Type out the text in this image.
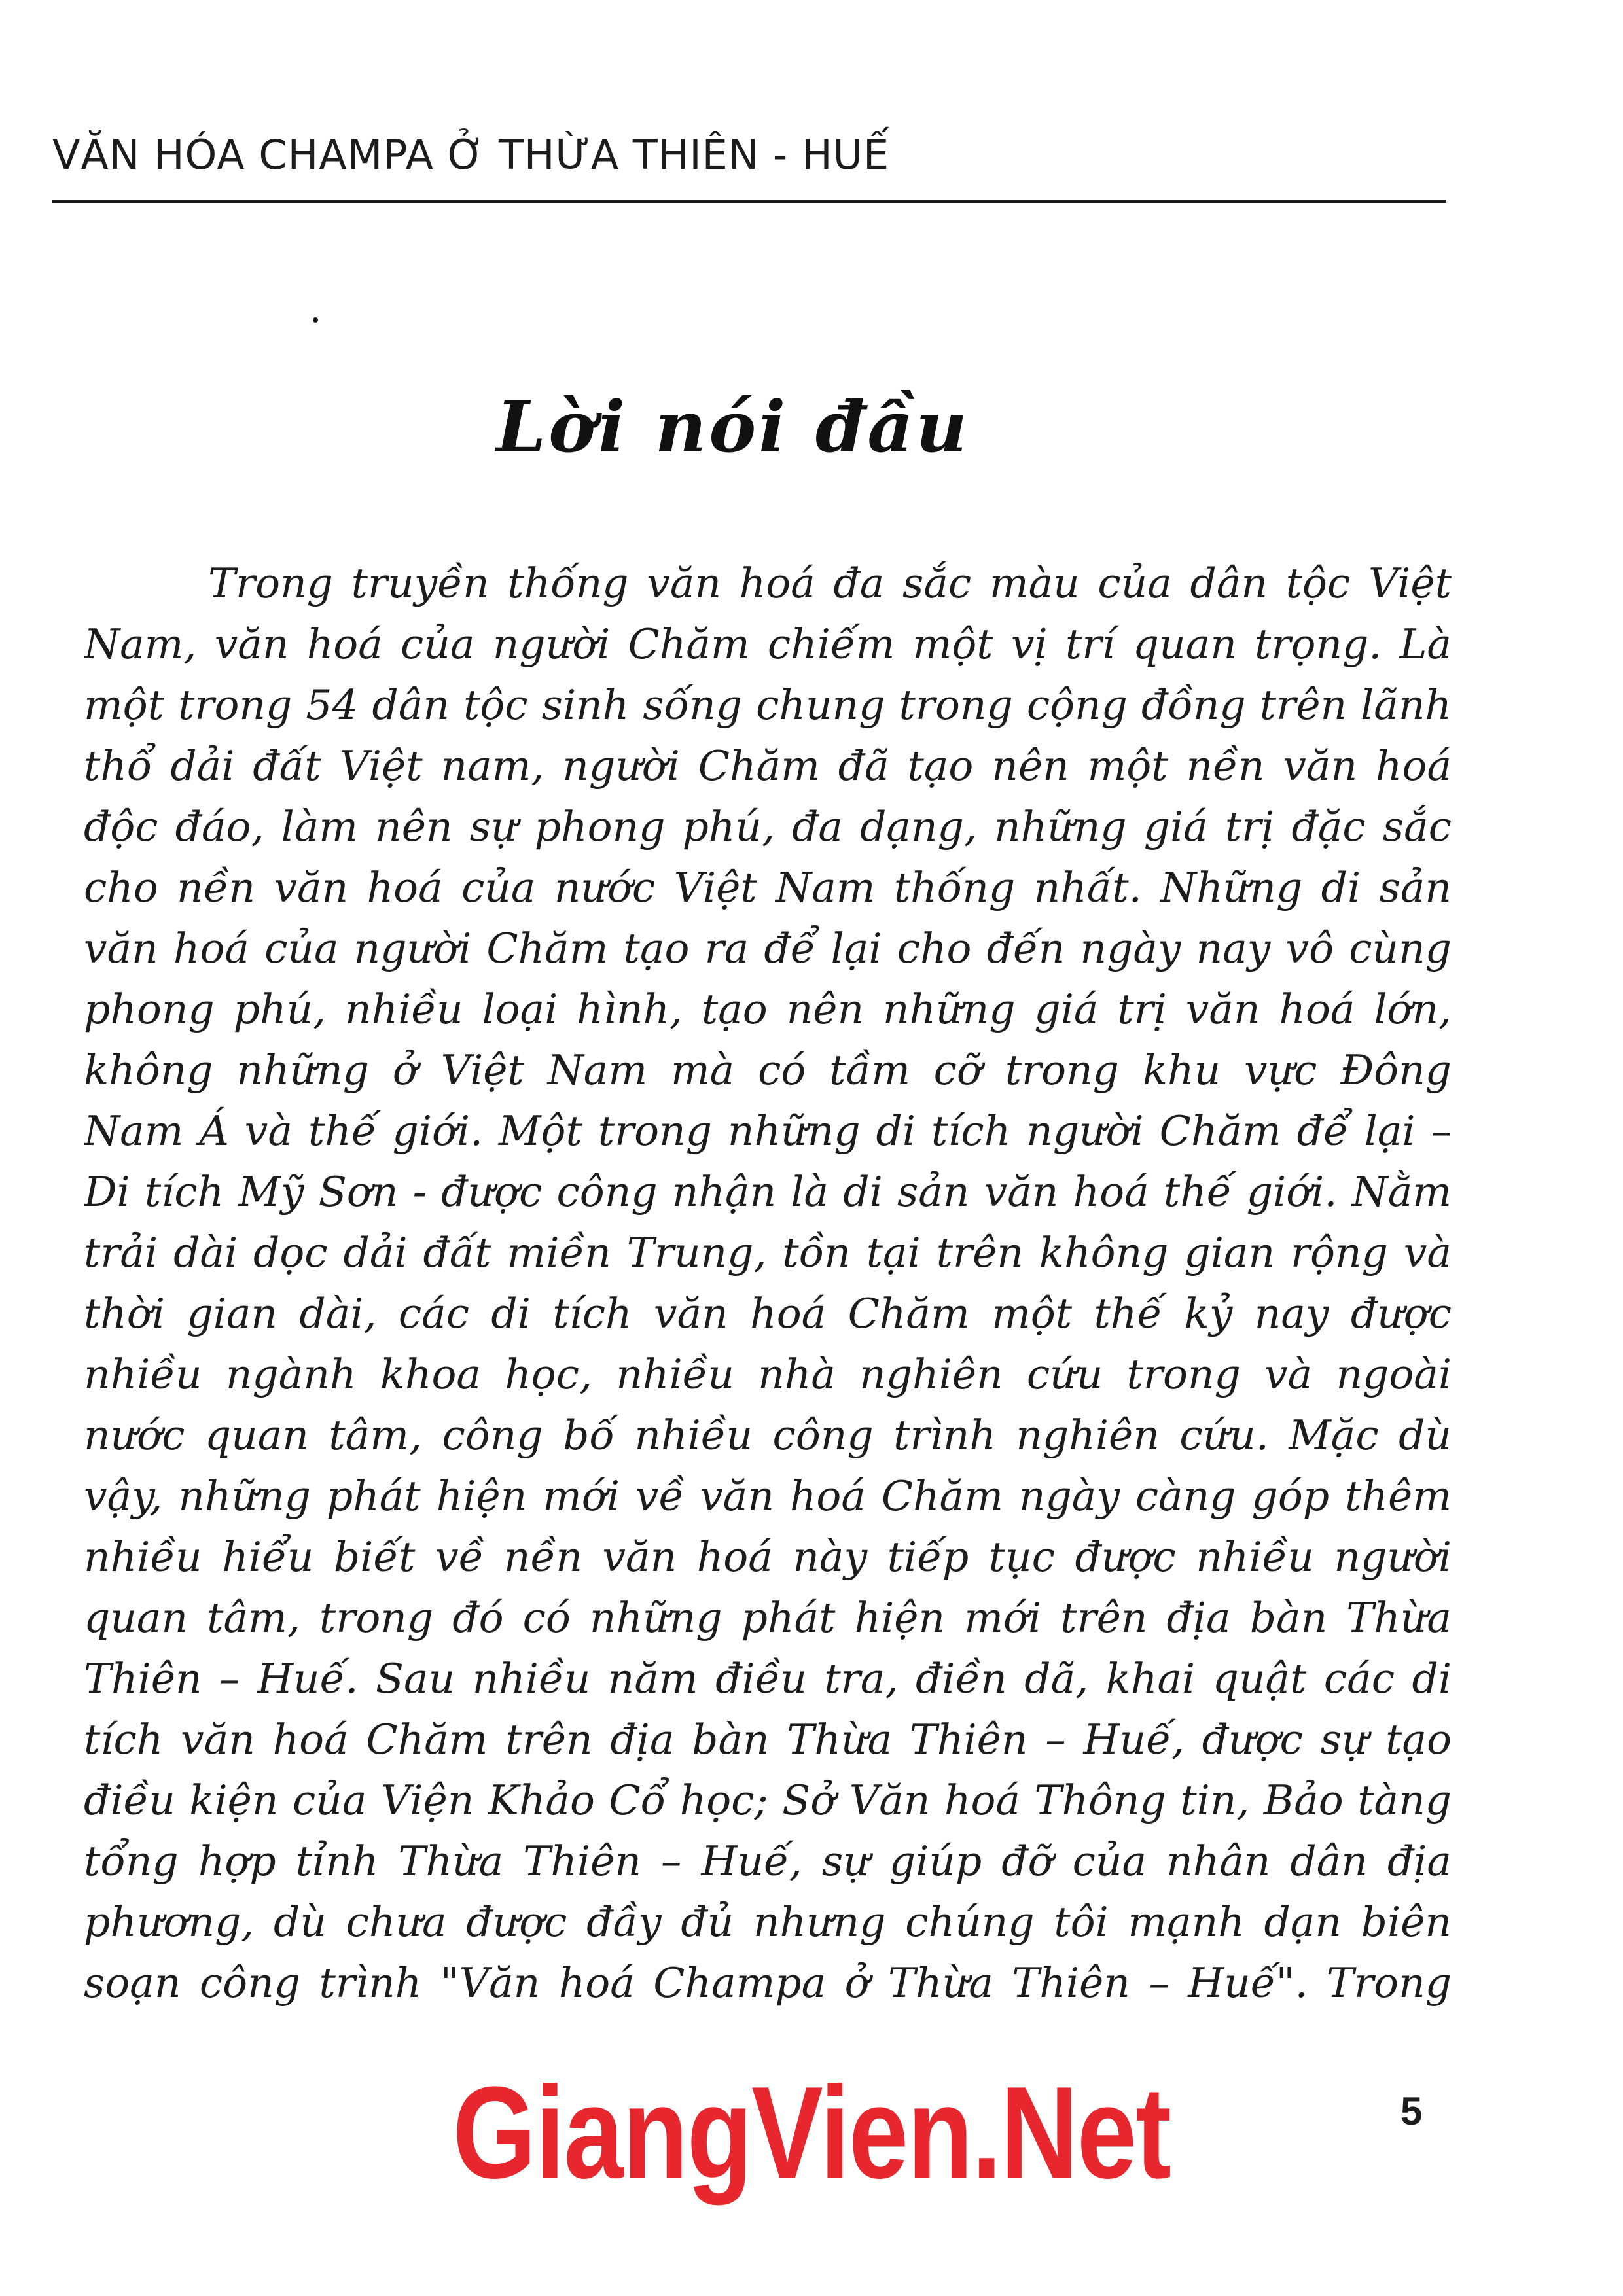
VĂN HÓA CHAMPA Ở THỪA THIÊN - HUẾ
Lời nói đầu
Trong truyền thống văn hoá đa sắc màu của dân tộc Việt
Nam, văn hoá của người Chăm chiếm một vị trí quan trọng. Là
một trong 54 dân tộc sinh sống chung trong cộng đồng trên lãnh
thổ dải đất Việt nam, người Chăm đã tạo nên một nền văn hoá
độc đáo, làm nên sự phong phú, đa dạng, những giá trị đặc sắc
cho nền văn hoá của nước Việt Nam thống nhất. Những di sản
văn hoá của người Chăm tạo ra để lại cho đến ngày nay vô cùng
phong phú, nhiều loại hình, tạo nên những giá trị văn hoá lớn,
không những ở Việt Nam mà có tầm cỡ trong khu vực Đông
Nam Á và thế giới. Một trong những di tích người Chăm để lại –
Di tích Mỹ Sơn - được công nhận là di sản văn hoá thế giới. Nằm
trải dài dọc dải đất miền Trung, tồn tại trên không gian rộng và
thời gian dài, các di tích văn hoá Chăm một thế kỷ nay được
nhiều ngành khoa học, nhiều nhà nghiên cứu trong và ngoài
nước quan tâm, công bố nhiều công trình nghiên cứu. Mặc dù
vậy, những phát hiện mới về văn hoá Chăm ngày càng góp thêm
nhiều hiểu biết về nền văn hoá này tiếp tục được nhiều người
quan tâm, trong đó có những phát hiện mới trên địa bàn Thừa
Thiên – Huế. Sau nhiều năm điều tra, điền dã, khai quật các di
tích văn hoá Chăm trên địa bàn Thừa Thiên – Huế, được sự tạo
điều kiện của Viện Khảo Cổ học; Sở Văn hoá Thông tin, Bảo tàng
tổng hợp tỉnh Thừa Thiên – Huế, sự giúp đỡ của nhân dân địa
phương, dù chưa được đầy đủ nhưng chúng tôi mạnh dạn biên
soạn công trình "Văn hoá Champa ở Thừa Thiên – Huế". Trong
GiangVien.Net	5
